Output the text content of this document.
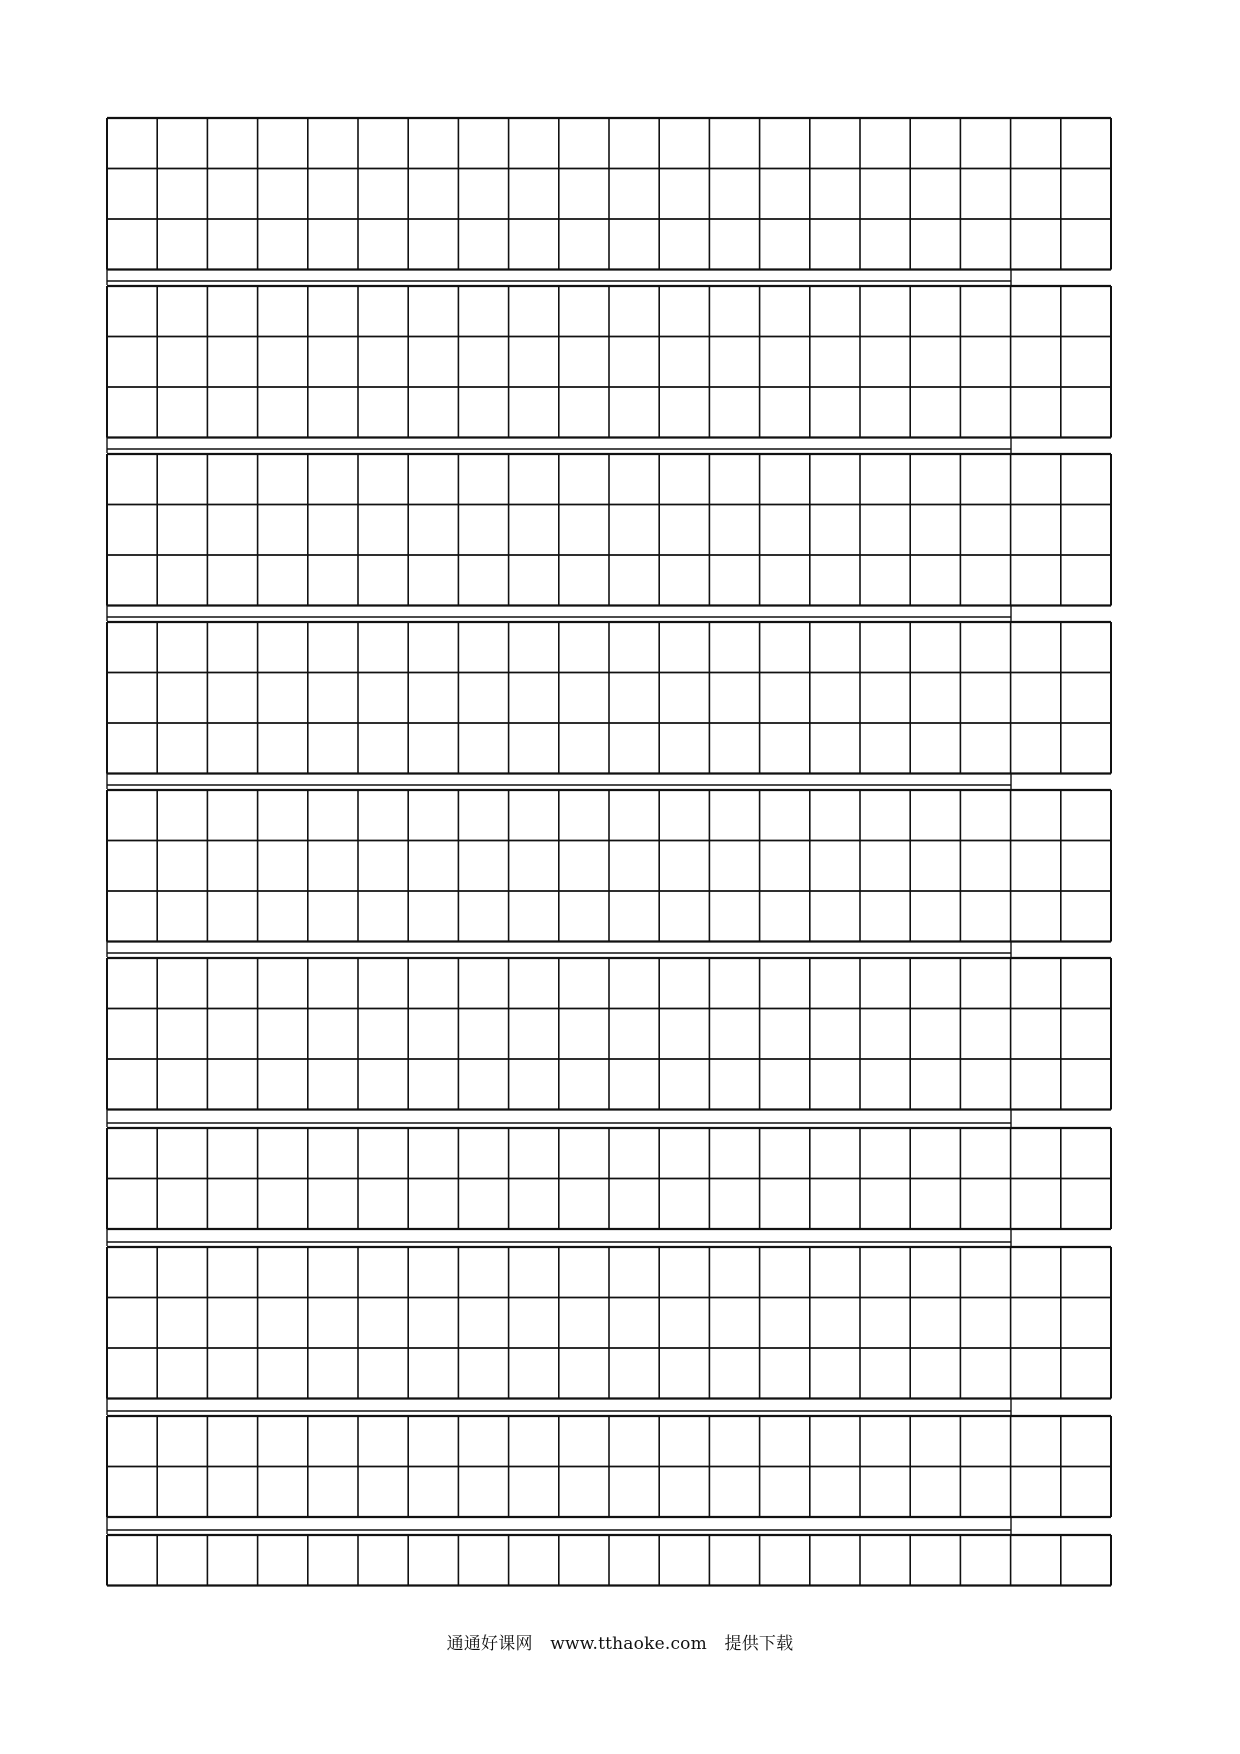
通通好课网 www.tthaoke.com 提供下载
